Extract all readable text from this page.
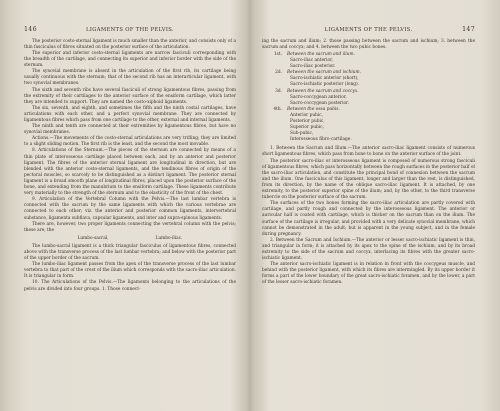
146	LIGAMENTS OF THE PELVIS.

The posterior costo-sternal ligament is much smaller than the anterior, and consists only of a thin fasciculus of fibres situated on the posterior surface of the articulation.

The superior and inferior costo-sternal ligaments are narrow fasciculi corresponding with the breadth of the cartilage, and connecting its superior and inferior border with the side of the sternum.

The synovial membrane is absent in the articulation of the first rib, its cartilage being usually continuous with the sternum; that of the second rib has an interarticular ligament, with two synovial membranes.

The sixth and seventh ribs have several fasciculi of strong ligamentous fibres, passing from the extremity of their cartilages to the anterior surface of the ensiform cartilage, which latter they are intended to support. They are named the costo-xiphoid ligaments.

The six, seventh, and eighth, and sometimes the fifth and the ninth costal cartilages, have articulations with each other, and a perfect synovial membrane. They are connected by ligamentous fibres which pass from one cartilage to the other, external and internal ligaments.

The ninth and tenth are connected at their extremities by ligamentous fibres, but have no synovial membranes.

Actions.—The movements of the costo-sternal articulations are very trifling; they are limited to a slight sliding motion. The first rib is the least, and the second the most movable.

8. Articulations of the Sternum.—The pieces of the sternum are connected by means of a thin plate of interosseous cartilage placed between each, and by an anterior and posterior ligament. The fibres of the anterior sternal ligament are longitudinal in direction, but are blended with the anterior costo-sternal ligaments, and the tendinous fibres of origin of the pectoral muscles, so scarcely to be distinguished as a distinct ligament. The posterior sternal ligament is a broad smooth plane of longitudinal fibres, placed upon the posterior surface of the bone, and extending from the manubrium to the ensiform cartilage. These ligaments contribute very materially to the strength of the sternum and to the elasticity of the front of the chest.

9. Articulation of the Vertebral Column with the Pelvis.—The last lumbar vertebra is connected with the sacrum by the same ligaments with which the various vertebrae are connected to each other; viz. the anterior and posterior common ligaments, intervertebral substance, ligamenta subflava, capsular ligaments, and inter and supra-spinous ligaments.

There are, however, two proper ligaments connecting the vertebral column with the pelvis; these are, the

Lumbo-sacral,	Lumbo-iliac.

The lumbo-sacral ligament is a thick triangular fasciculus of ligamentous fibres, connected above with the transverse process of the last lumbar vertebra; and below with the posterior part of the upper border of the sacrum.

The lumbo-iliac ligament passes from the apex of the transverse process of the last lumbar vertebra to that part of the crest of the ilium which corresponds with the sacro-iliac articulation. It is triangular in form.

10. The Articulations of the Pelvis.—The ligaments belonging to the articulations of the pelvis are divided into four groups. 1. Those connect-

LIGAMENTS OF THE PELVIS.	147

ing the sacrum and ilium; 2. those passing between the sacrum and ischium; 3. between the sacrum and coccyx; and 4. between the two pubic bones.

1st.	Between the sacrum and ilium.
Sacro-iliac anterior,
Sacro-iliac posterior.
2d.	Between the sacrum and ischium.
Sacro-ischiatic anterior (short),
Sacro-ischiatic posterior (long).
3d.	Between the sacrum and coccyx.
Sacro-coccygean anterior,
Sacro-coccygean posterior.
4th.	Between the ossa pubis.
Anterior pubic,
Posterior pubic,
Superior pubic,
Sub-pubic,
Interosseous fibro-cartilage.

1. Between the Sacrum and Ilium.—The anterior sacro-iliac ligament consists of numerous short ligamentous fibres, which pass from bone to bone on the anterior surface of the joint.

The posterior sacro-iliac or interosseous ligament is composed of numerous strong fasciculi of ligamentous fibres, which pass horizontally between the rough surfaces in the posterior half of the sacro-iliac articulation, and constitute the principal bond of connexion between the sacrum and the ilium. One fasciculus of this ligament, longer and larger than the rest, is distinguished, from its direction, by the name of the oblique sacro-iliac ligament. It is attached, by one extremity, to the posterior superior spine of the ilium; and, by the other, to the third transverse tubercle on the posterior surface of the sacrum.

The surfaces of the two bones forming the sacro-iliac articulation are partly covered with cartilage, and partly rough and connected by the interosseous ligament. The anterior or auricular half is coated with cartilage, which is thicker on the sacrum than on the ilium. The surface of the cartilage is irregular, and provided with a very delicate synovial membrane, which cannot be demonstrated in the adult; but is apparent in the young subject, and in the female during pregnancy.

2. Between the Sacrum and Ischium.—The anterior or lesser sacro-ischiatic ligament is thin, and triangular in form; it is attached by its apex to the spine of the ischium, and by its broad extremity to the side of the sacrum and coccyx, interlacing its fibres with the greater sacro-ischiatic ligament.

The anterior sacro-ischiatic ligament is in relation in front with the coccygeus muscle, and behind with the posterior ligament, with which its fibres are intermingled. By its upper border it forms a part of the lower boundary of the great sacro-ischiatic foramen, and by the lower, a part of the lesser sacro-ischiatic foramen.
